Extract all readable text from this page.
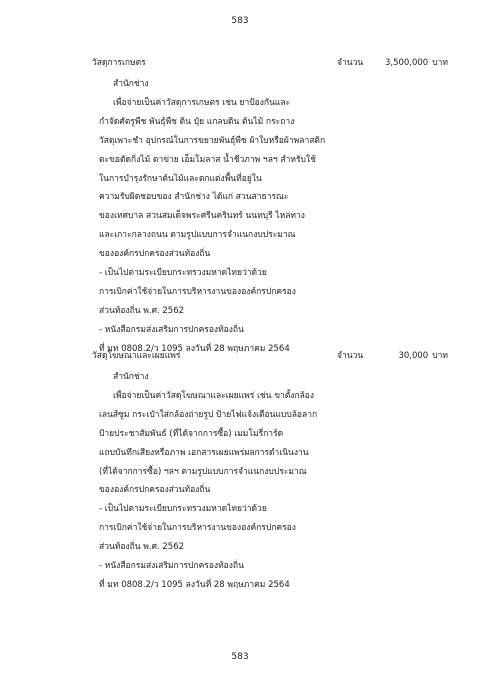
583
วัสดุการเกษตร	จำนวน	3,500,000 บาท
สำนักช่าง
เพื่อจ่ายเป็นค่าวัสดุการเกษตร เช่น ยาป้องกันและ
กำจัดศัตรูพืช พันธุ์พืช ดิน ปุ๋ย แกลบดิน ต้นไม้ กระถาง
วัสดุเพาะชำ อุปกรณ์ในการขยายพันธุ์พืช ผ้าใบหรือผ้าพลาสติก
ตะขอตัดกิ่งไม้ ตาข่าย เอ็มโมลาส น้ำชีวภาพ ฯลฯ สำหรับใช้
ในการบำรุงรักษาต้นไม้และตกแต่งพื้นที่อยู่ใน
ความรับผิดชอบของ สำนักช่าง ได้แก่ สวนสาธารณะ
ของเทศบาล สวนสมเด็จพระศรีนครินทร์ นนทบุรี ไหล่ทาง
และเกาะกลางถนน ตามรูปแบบการจำแนกงบประมาณ
ขององค์กรปกครองส่วนท้องถิ่น
- เป็นไปตามระเบียบกระทรวงมหาดไทยว่าด้วย
การเบิกค่าใช้จ่ายในการบริหารงานขององค์กรปกครอง
ส่วนท้องถิ่น พ.ศ. 2562
- หนังสือกรมส่งเสริมการปกครองท้องถิ่น
ที่ มท 0808.2/ว 1095 ลงวันที่ 28 พฤษภาคม 2564
วัสดุโฆษณาและเผยแพร่	จำนวน	30,000 บาท
สำนักช่าง
เพื่อจ่ายเป็นค่าวัสดุโฆษณาและเผยแพร่ เช่น ขาตั้งกล้อง
เลนส์ซูม กระเป๋าใส่กล้องถ่ายรูป ป้ายไฟแจ้งเตือนแบบล้อลาก
ป้ายประชาสัมพันธ์ (ที่ได้จากการซื้อ) เมมโมรี่การ์ด
แถบบันทึกเสียงหรือภาพ เอกสารเผยแพร่ผลการดำเนินงาน
(ที่ได้จากการซื้อ) ฯลฯ ตามรูปแบบการจำแนกงบประมาณ
ขององค์กรปกครองส่วนท้องถิ่น
- เป็นไปตามระเบียบกระทรวงมหาดไทยว่าด้วย
การเบิกค่าใช้จ่ายในการบริหารงานขององค์กรปกครอง
ส่วนท้องถิ่น พ.ศ. 2562
- หนังสือกรมส่งเสริมการปกครองท้องถิ่น
ที่ มท 0808.2/ว 1095 ลงวันที่ 28 พฤษภาคม 2564
583
